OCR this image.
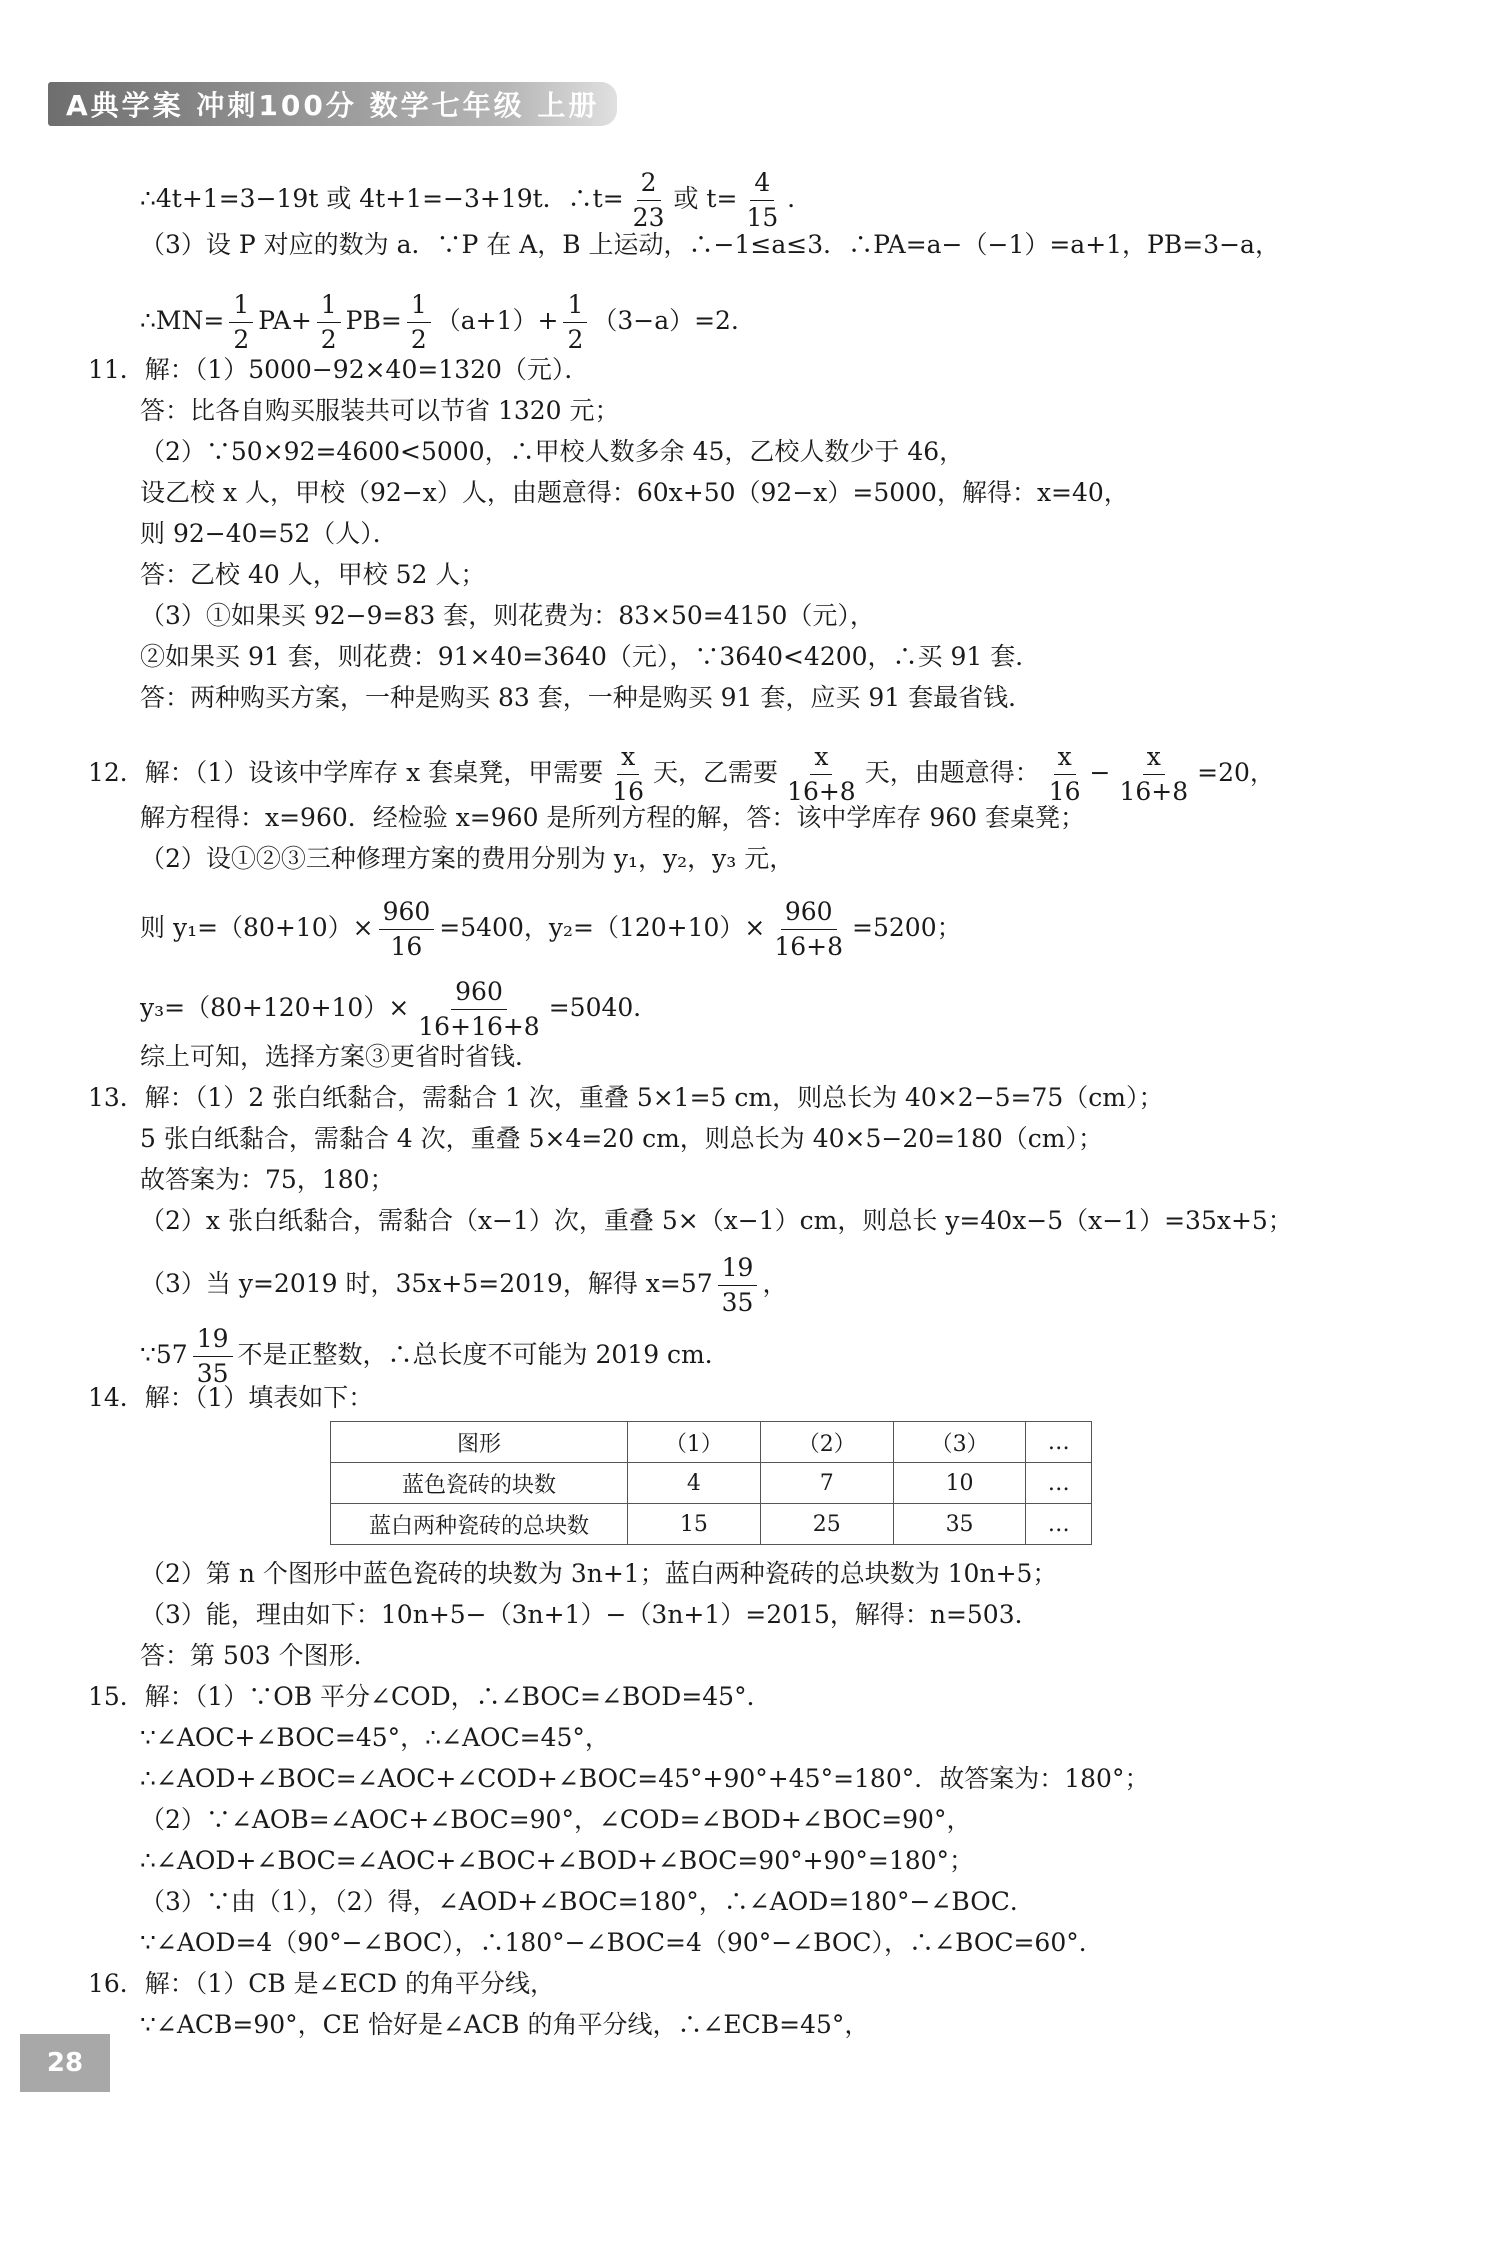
A典学案 冲刺100分 数学七年级 上册
∴4t+1=3−19t 或 4t+1=−3+19t．∴t= $\frac{2}{23}$ 或 $t= \frac{4}{15}$ ．
（3）设 P 对应的数为 a．∵P 在 A，B 上运动，∴−1≤a≤3．∴PA=a−（−1）=a+1，PB=3−a，
∴MN= $\frac{1}{2} PA+ \frac{1}{2} PB= \frac{1}{2} (a+1)+ \frac{1}{2} (3-a)=2$．
11．解：（1）5000−92×40=1320（元）．
答：比各自购买服装共可以节省 1320 元；
（2）∵50×92=4600<5000，∴甲校人数多余 45，乙校人数少于 46，
设乙校 x 人，甲校（92−x）人，由题意得：60x+50（92−x）=5000，解得：x=40，
则 92−40=52（人）．
答：乙校 40 人，甲校 52 人；
（3）①如果买 92−9=83 套，则花费为：83×50=4150（元），
②如果买 91 套，则花费：91×40=3640（元），∵3640<4200，∴买 91 套．
答：两种购买方案，一种是购买 83 套，一种是购买 91 套，应买 91 套最省钱．
12．解：（1）设该中学库存 x 套桌凳，甲需要 $\frac{x}{16}$ 天，乙需要 $\frac{x}{16+8}$ 天，由题意得： $\frac{x}{16} - \frac{x}{16+8} =20$，
解方程得：x=960．经检验 x=960 是所列方程的解，答：该中学库存 960 套桌凳；
（2）设①②③三种修理方案的费用分别为 y₁，y₂，y₃ 元，
则 $y_1=(80+10)\times \frac{960}{16} =5400$，$y_2=(120+10)\times \frac{960}{16+8} =5200$；
$y_3=(80+120+10)\times \frac{960}{16+16+8} =5040$．
综上可知，选择方案③更省时省钱．
13．解：（1）2 张白纸黏合，需黏合 1 次，重叠 5×1=5 cm，则总长为 40×2−5=75（cm）；
5 张白纸黏合，需黏合 4 次，重叠 5×4=20 cm，则总长为 40×5−20=180（cm）；
故答案为：75，180；
（2）x 张白纸黏合，需黏合（x−1）次，重叠 5×（x−1）cm，则总长 y=40x−5（x−1）=35x+5；
（3）当 y=2019 时，35x+5=2019，解得 $x=57 \frac{19}{35}$ ，
∵57 $\frac{19}{35}$ 不是正整数，∴总长度不可能为 2019 cm．
14．解：（1）填表如下：
图形	（1）	（2）	（3）	…
蓝色瓷砖的块数	4	7	10	…
蓝白两种瓷砖的总块数	15	25	35	…
（2）第 n 个图形中蓝色瓷砖的块数为 3n+1；蓝白两种瓷砖的总块数为 10n+5；
（3）能，理由如下：10n+5−（3n+1）−（3n+1）=2015，解得：n=503．
答：第 503 个图形．
15．解：（1）∵OB 平分∠COD，∴∠BOC=∠BOD=45°．
∵∠AOC+∠BOC=45°，∴∠AOC=45°，
∴∠AOD+∠BOC=∠AOC+∠COD+∠BOC=45°+90°+45°=180°．故答案为：180°；
（2）∵∠AOB=∠AOC+∠BOC=90°，∠COD=∠BOD+∠BOC=90°，
∴∠AOD+∠BOC=∠AOC+∠BOC+∠BOD+∠BOC=90°+90°=180°；
（3）∵由（1），（2）得，∠AOD+∠BOC=180°，∴∠AOD=180°−∠BOC．
∵∠AOD=4（90°−∠BOC），∴180°−∠BOC=4（90°−∠BOC），∴∠BOC=60°．
16．解：（1）CB 是∠ECD 的角平分线，
∵∠ACB=90°，CE 恰好是∠ACB 的角平分线，∴∠ECB=45°，
28
